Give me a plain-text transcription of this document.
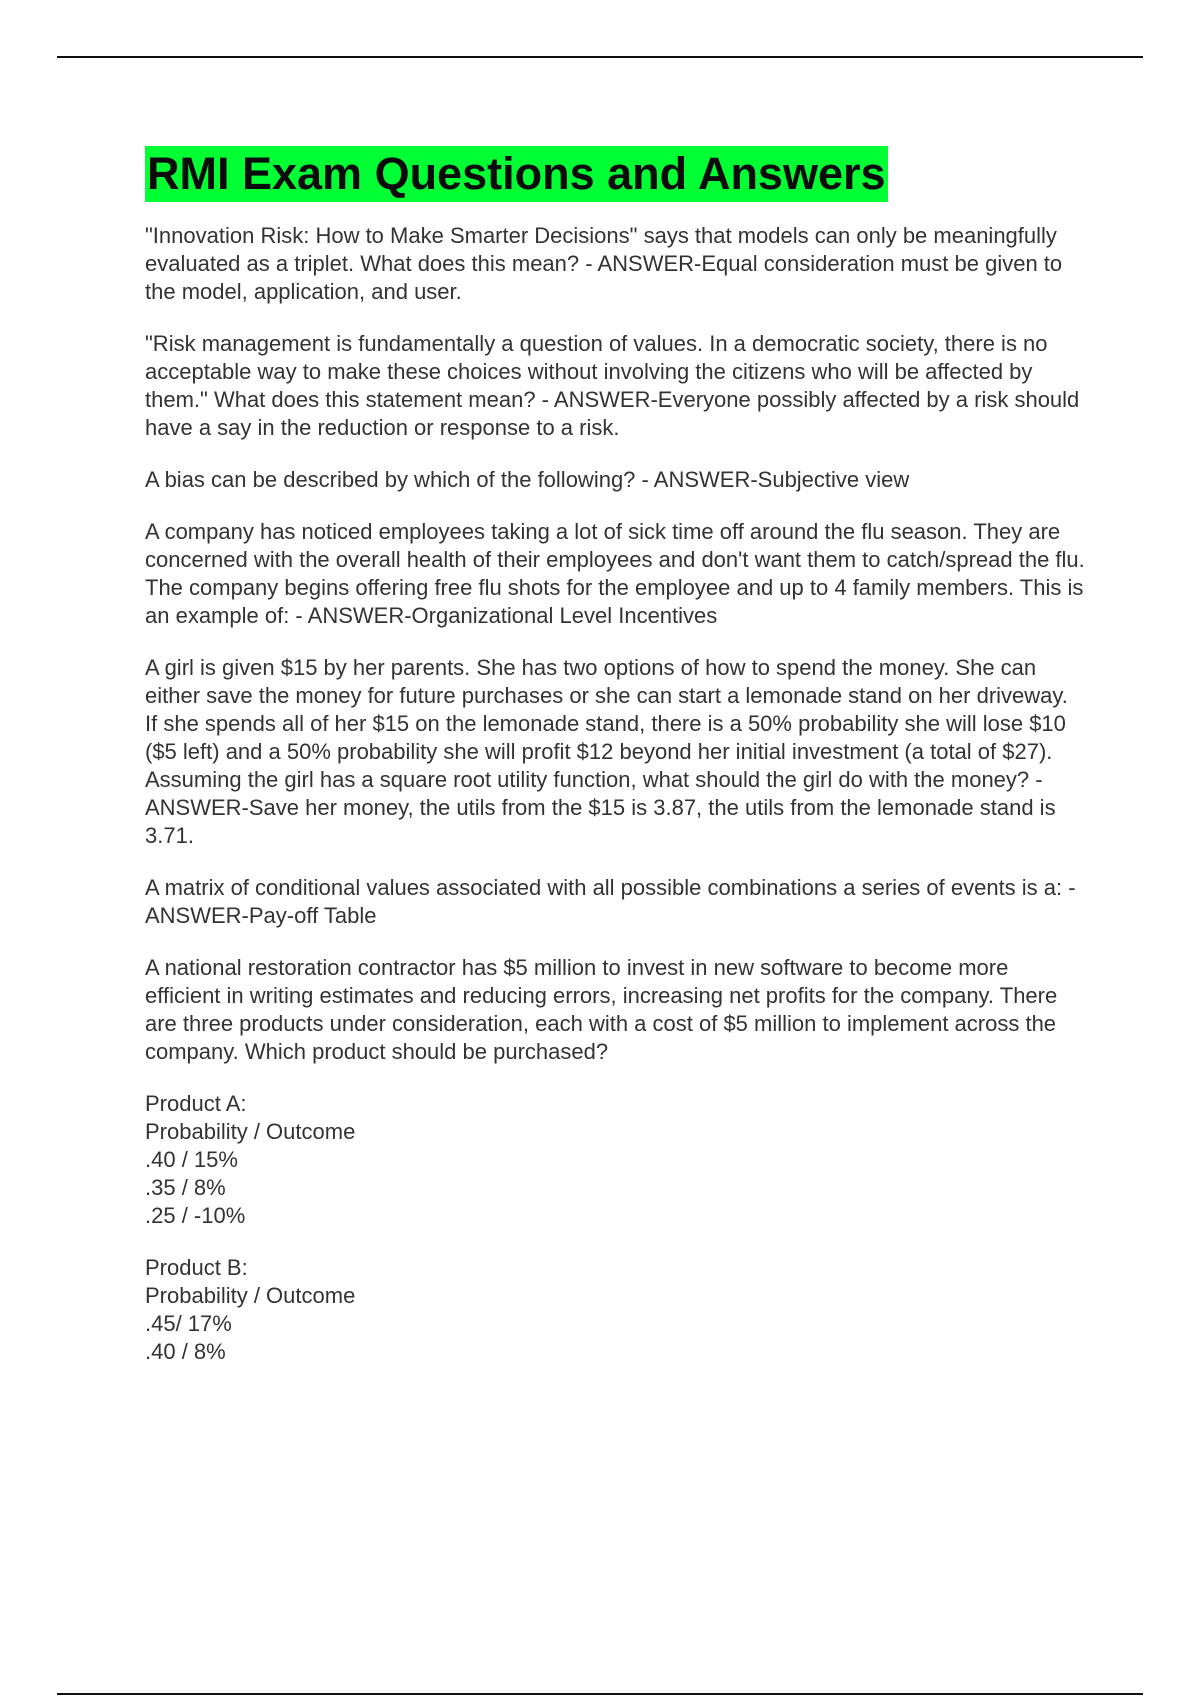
RMI Exam Questions and Answers

"Innovation Risk: How to Make Smarter Decisions" says that models can only be meaningfully evaluated as a triplet. What does this mean? - ANSWER-Equal consideration must be given to the model, application, and user.

"Risk management is fundamentally a question of values. In a democratic society, there is no acceptable way to make these choices without involving the citizens who will be affected by them." What does this statement mean? - ANSWER-Everyone possibly affected by a risk should have a say in the reduction or response to a risk.

A bias can be described by which of the following? - ANSWER-Subjective view

A company has noticed employees taking a lot of sick time off around the flu season. They are concerned with the overall health of their employees and don't want them to catch/spread the flu. The company begins offering free flu shots for the employee and up to 4 family members. This is an example of: - ANSWER-Organizational Level Incentives

A girl is given $15 by her parents. She has two options of how to spend the money. She can either save the money for future purchases or she can start a lemonade stand on her driveway. If she spends all of her $15 on the lemonade stand, there is a 50% probability she will lose $10 ($5 left) and a 50% probability she will profit $12 beyond her initial investment (a total of $27). Assuming the girl has a square root utility function, what should the girl do with the money? - ANSWER-Save her money, the utils from the $15 is 3.87, the utils from the lemonade stand is 3.71.

A matrix of conditional values associated with all possible combinations a series of events is a: - ANSWER-Pay-off Table

A national restoration contractor has $5 million to invest in new software to become more efficient in writing estimates and reducing errors, increasing net profits for the company. There are three products under consideration, each with a cost of $5 million to implement across the company. Which product should be purchased?

Product A:
Probability / Outcome
.40 / 15%
.35 / 8%
.25 / -10%
Product B:
Probability / Outcome
.45/ 17%
.40 / 8%
